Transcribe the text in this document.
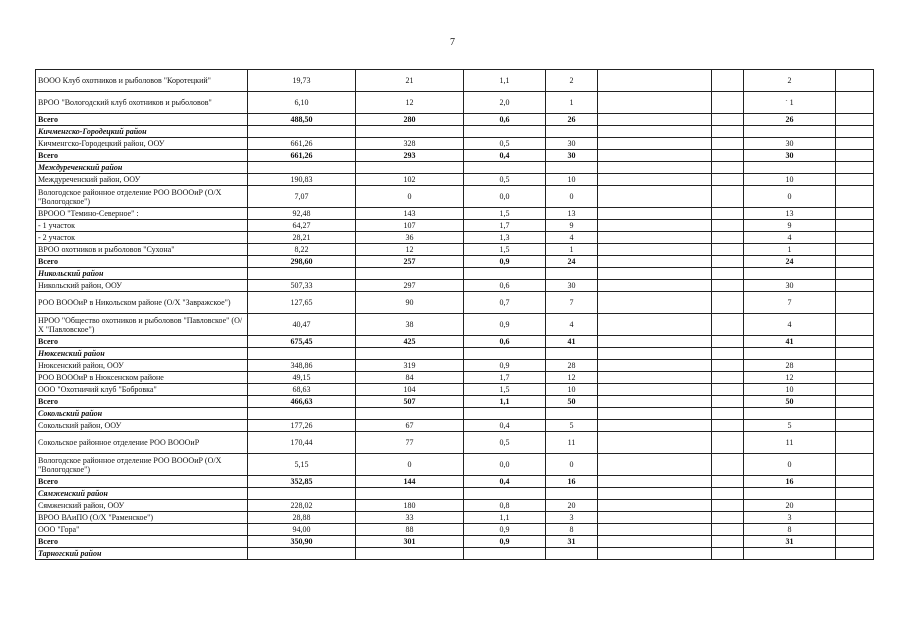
7
ВООО Клуб охотников и рыболовов "Коротецкий"	19,73	21	1,1	2			2	
ВРОО "Вологодский клуб охотников и рыболовов"	6,10	12	2,0	1			` 1	
Всего	488,50	280	0,6	26			26	
Кичменгско-Городецкий район								
Кичменгско-Городецкий район, ООУ	661,26	328	0,5	30			30	
Всего	661,26	293	0,4	30			30	
Междуреченский район								
Междуреченский район, ООУ	190,83	102	0,5	10			10	
Вологодское районное отделение РОО ВОООиР (О/Х "Вологодское")	7,07	0	0,0	0			0	
ВРООО "Темино-Северное" :	92,48	143	1,5	13			13	
- 1 участок	64,27	107	1,7	9			9	
- 2 участок	28,21	36	1,3	4			4	
ВРОО охотников и рыболовов "Сухона"	8,22	12	1,5	1			1	
Всего	298,60	257	0,9	24			24	
Никольский район								
Никольский район, ООУ	507,33	297	0,6	30			30	
РОО ВОООиР в Никольском районе (О/Х "Завражское")	127,65	90	0,7	7			7	
НРОО "Общество охотников и рыболовов "Павловское" (О/Х "Павловское")	40,47	38	0,9	4			4	
Всего	675,45	425	0,6	41			41	
Нюксенский район								
Нюксенский район, ООУ	348,86	319	0,9	28			28	
РОО ВОООиР в Нюксенском районе	49,15	84	1,7	12			12	
ООО "Охотничий клуб "Бобровка"	68,63	104	1,5	10			10	
Всего	466,63	507	1,1	50			50	
Сокольский район								
Сокольский район, ООУ	177,26	67	0,4	5			5	
Сокольское районное отделение РОО ВОООиР	170,44	77	0,5	11			11	
Вологодское районное отделение РОО ВОООиР (О/Х "Вологодское")	5,15	0	0,0	0			0	
Всего	352,85	144	0,4	16			16	
Сямженский район								
Сямженский район, ООУ	228,02	180	0,8	20			20	
ВРОО ВАиПО (О/Х "Раменское")	28,88	33	1,1	3			3	
ООО "Гора"	94,00	88	0,9	8			8	
Всего	350,90	301	0,9	31			31	
Тарногский район								
